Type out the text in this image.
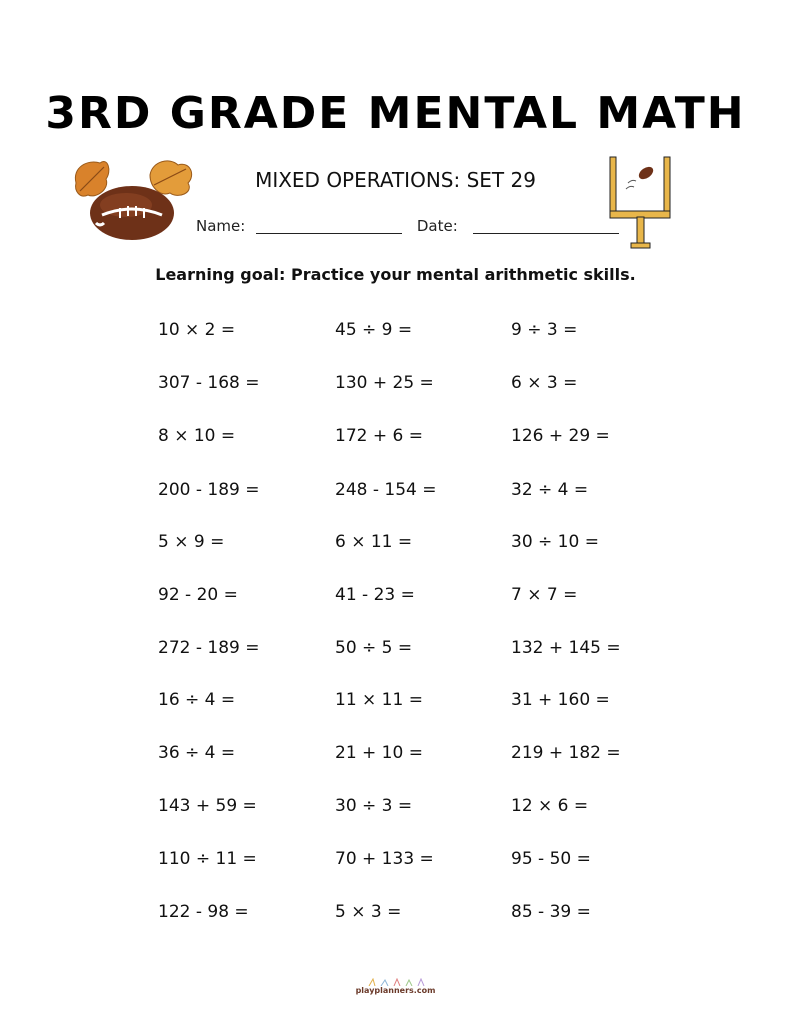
3RD GRADE MENTAL MATH
MIXED OPERATIONS: SET 29
Name:	Date:
Learning goal: Practice your mental arithmetic skills.
10 × 2 =	45 ÷ 9 =	9 ÷ 3 =
307 - 168 =	130 + 25 =	6 × 3 =
8 × 10 =	172 + 6 =	126 + 29 =
200 - 189 =	248 - 154 =	32 ÷ 4 =
5 × 9 =	6 × 11 =	30 ÷ 10 =
92 - 20 =	41 - 23 =	7 × 7 =
272 - 189 =	50 ÷ 5 =	132 + 145 =
16 ÷ 4 =	11 × 11 =	31 + 160 =
36 ÷ 4 =	21 + 10 =	219 + 182 =
143 + 59 =	30 ÷ 3 =	12 × 6 =
110 ÷ 11 =	70 + 133 =	95 - 50 =
122 - 98 =	5 × 3 =	85 - 39 =
playplanners.com
